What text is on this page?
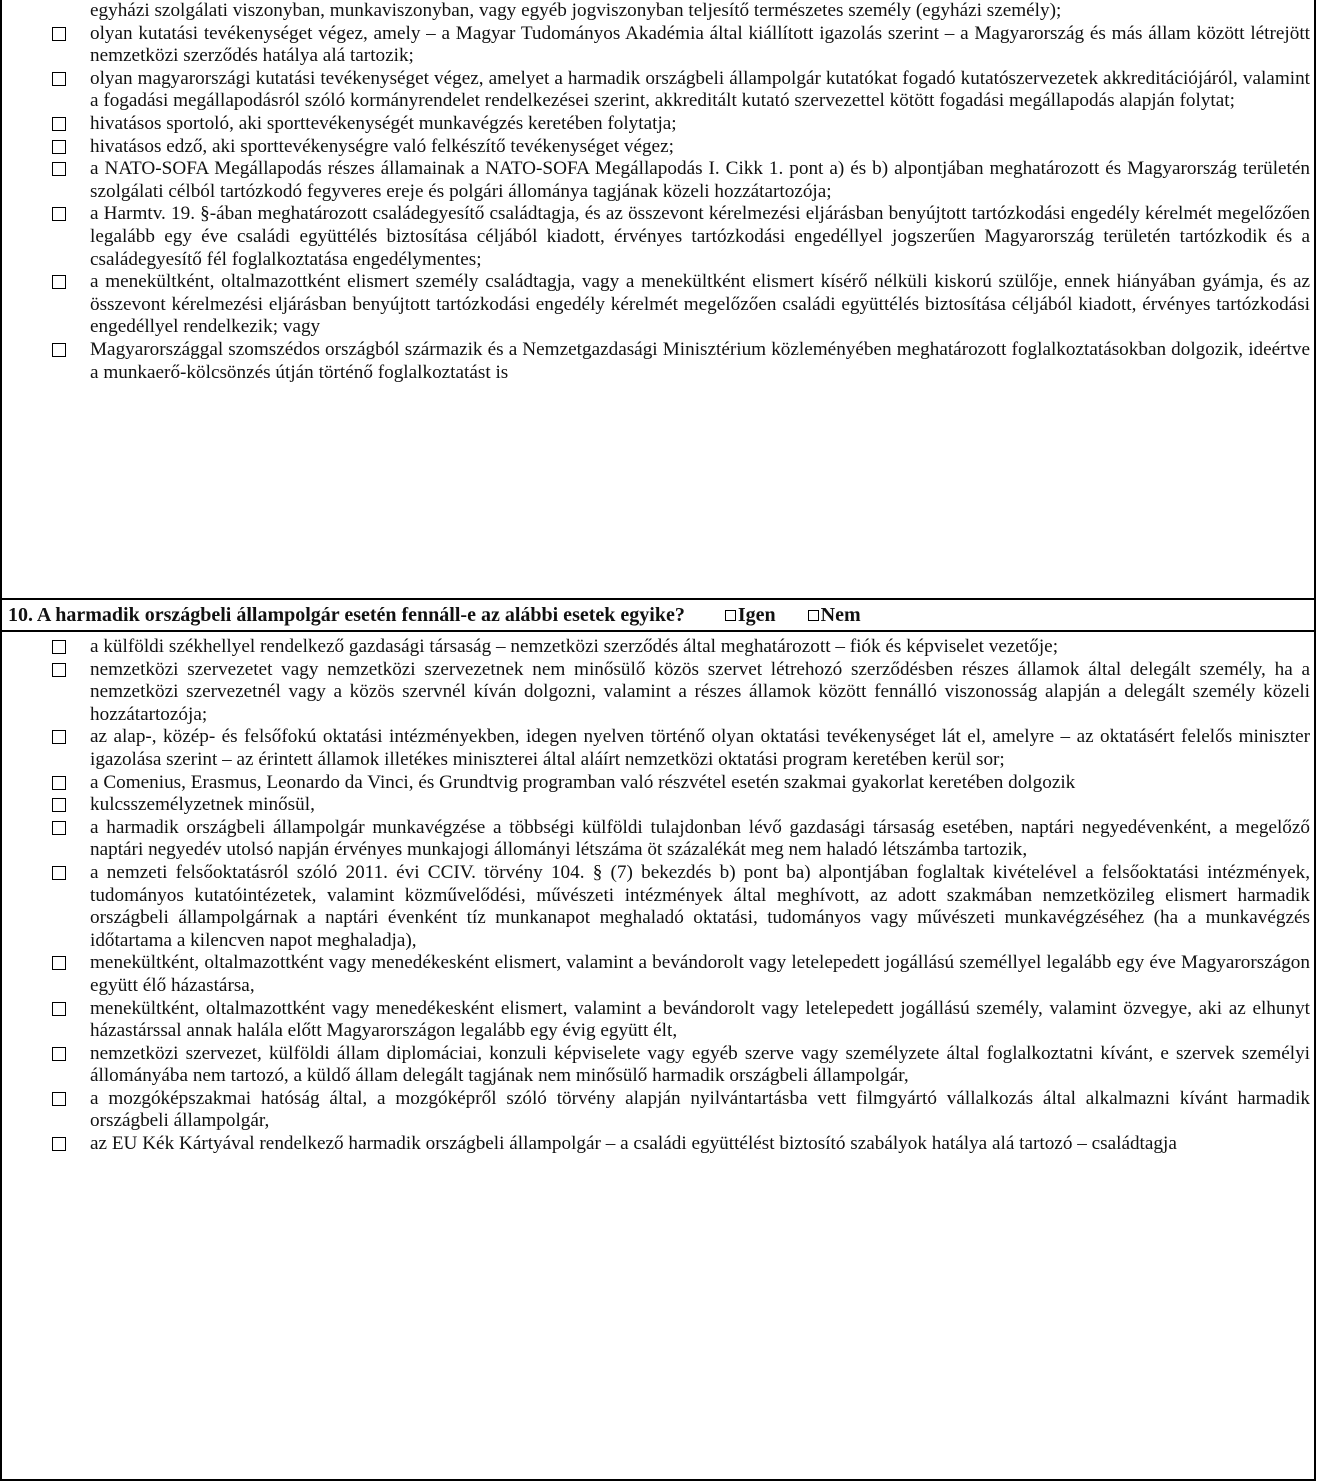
egyházi szolgálati viszonyban, munkaviszonyban, vagy egyéb jogviszonyban teljesítő természetes személy (egyházi személy);
olyan kutatási tevékenységet végez, amely – a Magyar Tudományos Akadémia által kiállított igazolás szerint – a Magyarország és más állam között létrejött nemzetközi szerződés hatálya alá tartozik;
olyan magyarországi kutatási tevékenységet végez, amelyet a harmadik országbeli állampolgár kutatókat fogadó kutatószervezetek akkreditációjáról, valamint a fogadási megállapodásról szóló kormányrendelet rendelkezései szerint, akkreditált kutató szervezettel kötött fogadási megállapodás alapján folytat;
hivatásos sportoló, aki sporttevékenységét munkavégzés keretében folytatja;
hivatásos edző, aki sporttevékenységre való felkészítő tevékenységet végez;
a NATO-SOFA Megállapodás részes államainak a NATO-SOFA Megállapodás I. Cikk 1. pont a) és b) alpontjában meghatározott és Magyarország területén szolgálati célból tartózkodó fegyveres ereje és polgári állománya tagjának közeli hozzátartozója;
a Harmtv. 19. §-ában meghatározott családegyesítő családtagja, és az összevont kérelmezési eljárásban benyújtott tartózkodási engedély kérelmét megelőzően legalább egy éve családi együttélés biztosítása céljából kiadott, érvényes tartózkodási engedéllyel jogszerűen Magyarország területén tartózkodik és a családegyesítő fél foglalkoztatása engedélymentes;
a menekültként, oltalmazottként elismert személy családtagja, vagy a menekültként elismert kísérő nélküli kiskorú szülője, ennek hiányában gyámja, és az összevont kérelmezési eljárásban benyújtott tartózkodási engedély kérelmét megelőzően családi együttélés biztosítása céljából kiadott, érvényes tartózkodási engedéllyel rendelkezik; vagy
Magyarországgal szomszédos országból származik és a Nemzetgazdasági Minisztérium közleményében meghatározott foglalkoztatásokban dolgozik, ideértve a munkaerő-kölcsönzés útján történő foglalkoztatást is
10. A harmadik országbeli állampolgár esetén fennáll-e az alábbi esetek egyike?	Igen Nem
a külföldi székhellyel rendelkező gazdasági társaság – nemzetközi szerződés által meghatározott – fiók és képviselet vezetője;
nemzetközi szervezetet vagy nemzetközi szervezetnek nem minősülő közös szervet létrehozó szerződésben részes államok által delegált személy, ha a nemzetközi szervezetnél vagy a közös szervnél kíván dolgozni, valamint a részes államok között fennálló viszonosság alapján a delegált személy közeli hozzátartozója;
az alap-, közép- és felsőfokú oktatási intézményekben, idegen nyelven történő olyan oktatási tevékenységet lát el, amelyre – az oktatásért felelős miniszter igazolása szerint – az érintett államok illetékes miniszterei által aláírt nemzetközi oktatási program keretében kerül sor;
a Comenius, Erasmus, Leonardo da Vinci, és Grundtvig programban való részvétel esetén szakmai gyakorlat keretében dolgozik
kulcsszemélyzetnek minősül,
a harmadik országbeli állampolgár munkavégzése a többségi külföldi tulajdonban lévő gazdasági társaság esetében, naptári negyedévenként, a megelőző naptári negyedév utolsó napján érvényes munkajogi állományi létszáma öt százalékát meg nem haladó létszámba tartozik,
a nemzeti felsőoktatásról szóló 2011. évi CCIV. törvény 104. § (7) bekezdés b) pont ba) alpontjában foglaltak kivételével a felsőoktatási intézmények, tudományos kutatóintézetek, valamint közművelődési, művészeti intézmények által meghívott, az adott szakmában nemzetközileg elismert harmadik országbeli állampolgárnak a naptári évenként tíz munkanapot meghaladó oktatási, tudományos vagy művészeti munkavégzéséhez (ha a munkavégzés időtartama a kilencven napot meghaladja),
menekültként, oltalmazottként vagy menedékesként elismert, valamint a bevándorolt vagy letelepedett jogállású személlyel legalább egy éve Magyarországon együtt élő házastársa,
menekültként, oltalmazottként vagy menedékesként elismert, valamint a bevándorolt vagy letelepedett jogállású személy, valamint özvegye, aki az elhunyt házastárssal annak halála előtt Magyarországon legalább egy évig együtt élt,
nemzetközi szervezet, külföldi állam diplomáciai, konzuli képviselete vagy egyéb szerve vagy személyzete által foglalkoztatni kívánt, e szervek személyi állományába nem tartozó, a küldő állam delegált tagjának nem minősülő harmadik országbeli állampolgár,
a mozgóképszakmai hatóság által, a mozgóképről szóló törvény alapján nyilvántartásba vett filmgyártó vállalkozás által alkalmazni kívánt harmadik országbeli állampolgár,
az EU Kék Kártyával rendelkező harmadik országbeli állampolgár – a családi együttélést biztosító szabályok hatálya alá tartozó – családtagja
